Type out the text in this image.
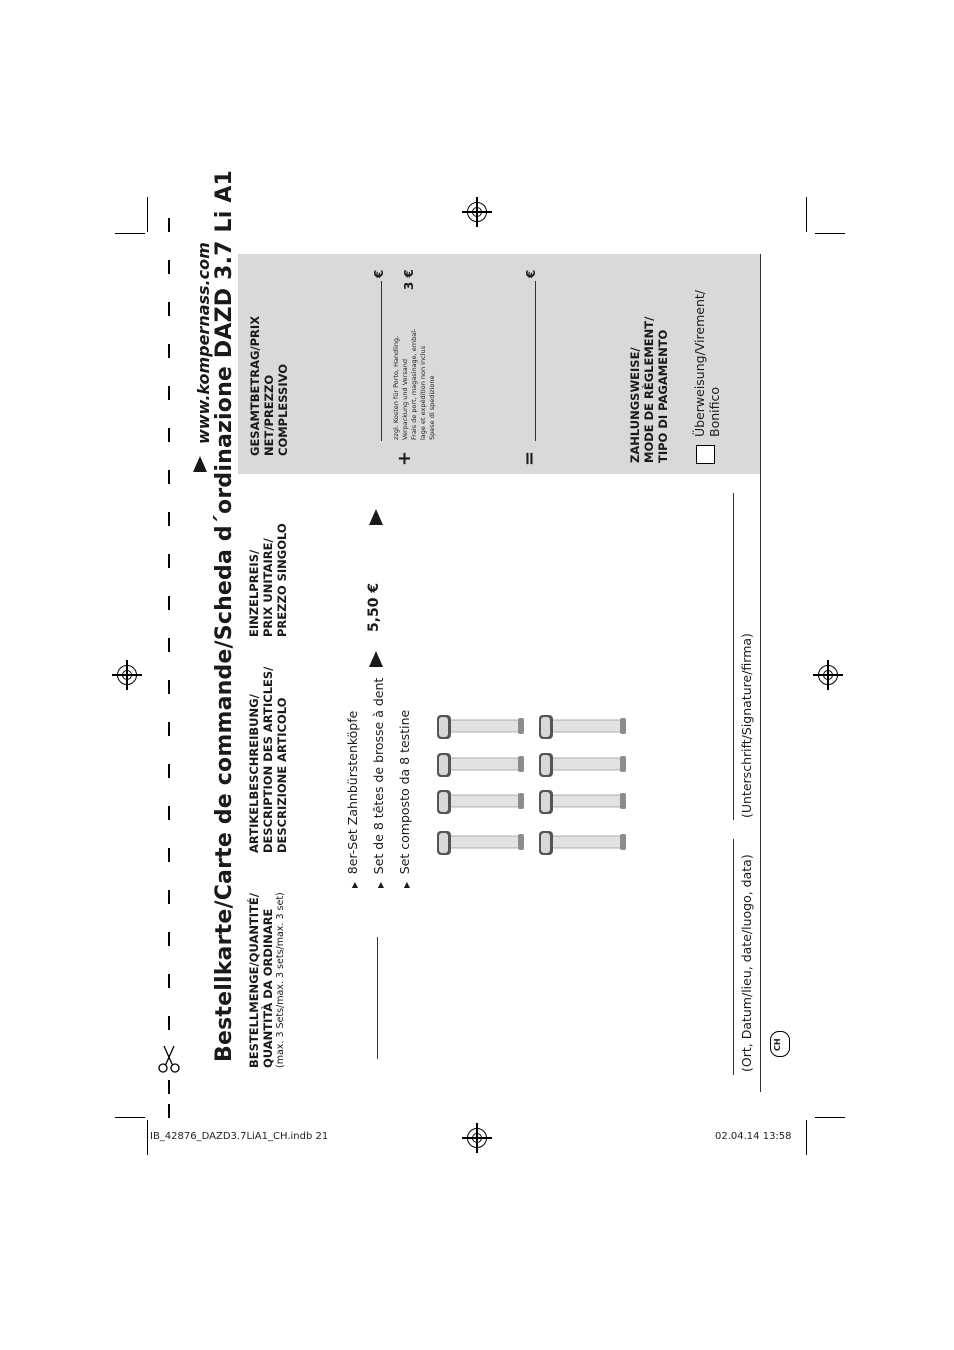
Bestellkarte/Carte de commande/Scheda d´ordinazione DAZD 3.7 Li A1
www.kompernass.com
BESTELLMENGE/QUANTITÉ/ QUANTITÀ DA ORDINARE (max. 3 Sets/max. 3 sets/max. 3 set)
ARTIKELBESCHREIBUNG/ DESCRIPTION DES ARTICLES/ DESCRIZIONE ARTICOLO
EINZELPREIS/ PRIX UNITAIRE/ PREZZO SINGOLO
GESAMTBETRAG/PRIX NET/PREZZO COMPLESSIVO
▶   8er-Set Zahnbürstenköpfe
▶   Set de 8 têtes de brosse à dent
▶   Set composto da 8 testine
5,50 €
+
€
zzgl. Kosten für Porto, Handling, Verpackung und Versand Frais de port, magasinage, embal- lage et expédition non inclus Spese di spedizione
3 €
=
€
ZAHLUNGSWEISE/ MODE DE RÈGLEMENT/ TIPO DI PAGAMENTO Überweisung/Virement/ Bonifico
(Ort, Datum/lieu, date/luogo, data)
(Unterschrift/Signature/firma)
CH
IB_42876_DAZD3.7LiA1_CH.indb 21	02.04.14 13:58
